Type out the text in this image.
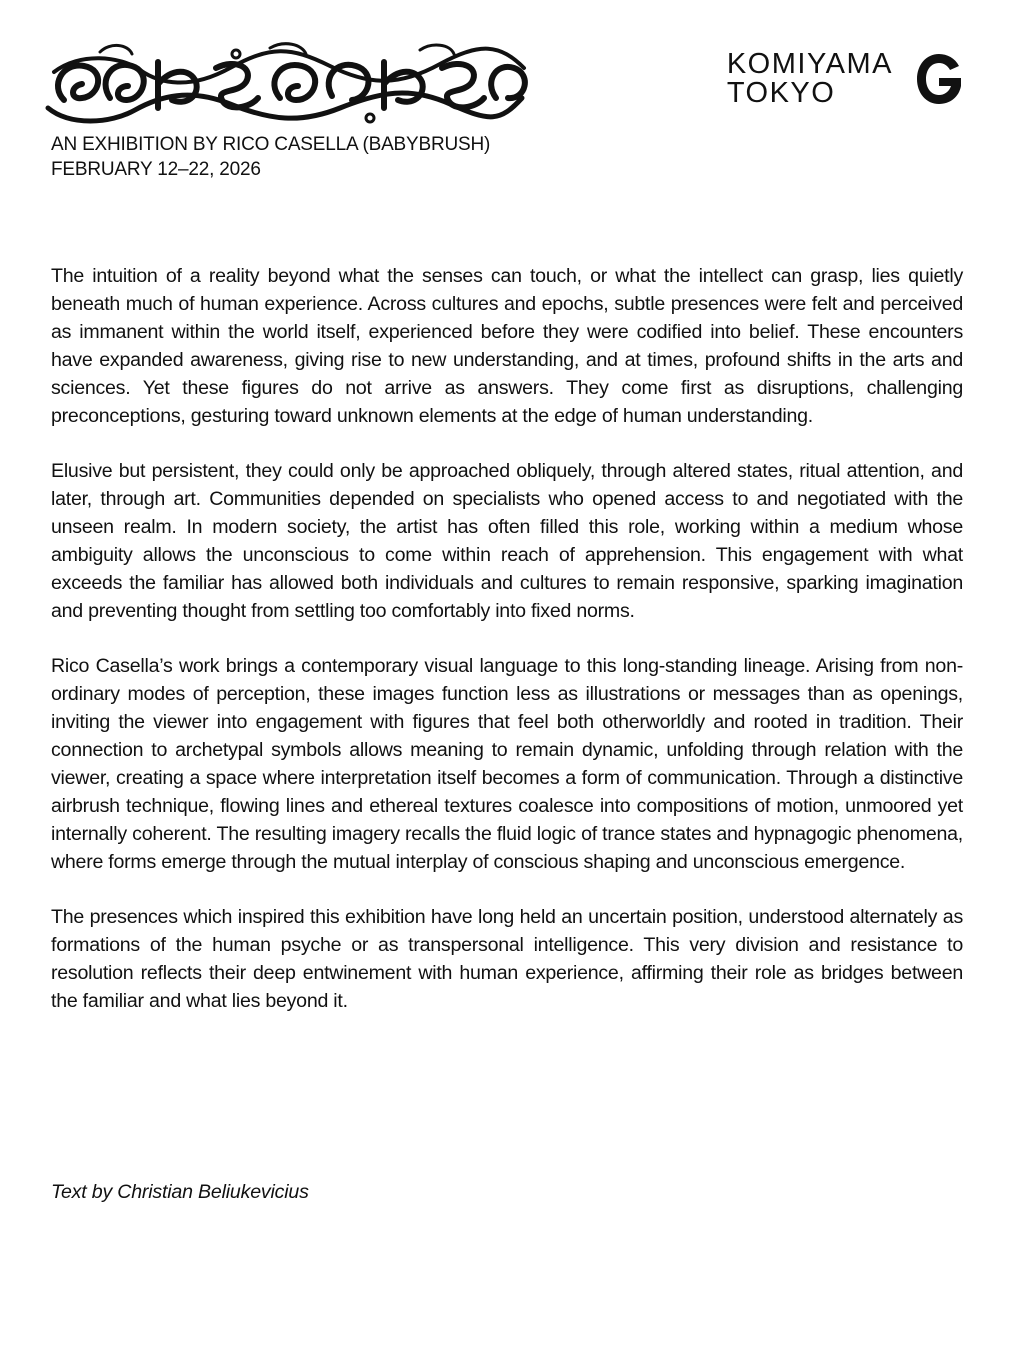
AN EXHIBITION BY RICO CASELLA (BABYBRUSH)
FEBRUARY 12–22, 2026
KOMIYAMA
TOKYO

The intuition of a reality beyond what the senses can touch, or what the intellect can grasp, lies quietly beneath much of human experience. Across cultures and epochs, subtle presences were felt and perceived as immanent within the world itself, experienced before they were codified into belief. These encounters have expanded awareness, giving rise to new understanding, and at times, profound shifts in the arts and sciences. Yet these figures do not arrive as answers. They come first as disruptions, challenging preconceptions, gesturing toward unknown elements at the edge of human understanding.

Elusive but persistent, they could only be approached obliquely, through altered states, ritual attention, and later, through art. Communities depended on specialists who opened access to and negotiated with the unseen realm. In modern society, the artist has often filled this role, working within a medium whose ambiguity allows the unconscious to come within reach of apprehension. This engagement with what exceeds the familiar has allowed both individuals and cultures to remain responsive, sparking imagination and preventing thought from settling too comfortably into fixed norms.

Rico Casella’s work brings a contemporary visual language to this long-standing lineage. Arising from non-ordinary modes of perception, these images function less as illustrations or messages than as openings, inviting the viewer into engagement with figures that feel both otherworldly and rooted in tradition. Their connection to archetypal symbols allows meaning to remain dynamic, unfolding through relation with the viewer, creating a space where interpretation itself becomes a form of communication. Through a distinctive airbrush technique, flowing lines and ethereal textures coalesce into compositions of motion, unmoored yet internally coherent. The resulting imagery recalls the fluid logic of trance states and hypnagogic phenomena, where forms emerge through the mutual interplay of conscious shaping and unconscious emergence.

The presences which inspired this exhibition have long held an uncertain position, understood alternately as formations of the human psyche or as transpersonal intelligence. This very division and resistance to resolution reflects their deep entwinement with human experience, affirming their role as bridges between the familiar and what lies beyond it.

Text by Christian Beliukevicius
